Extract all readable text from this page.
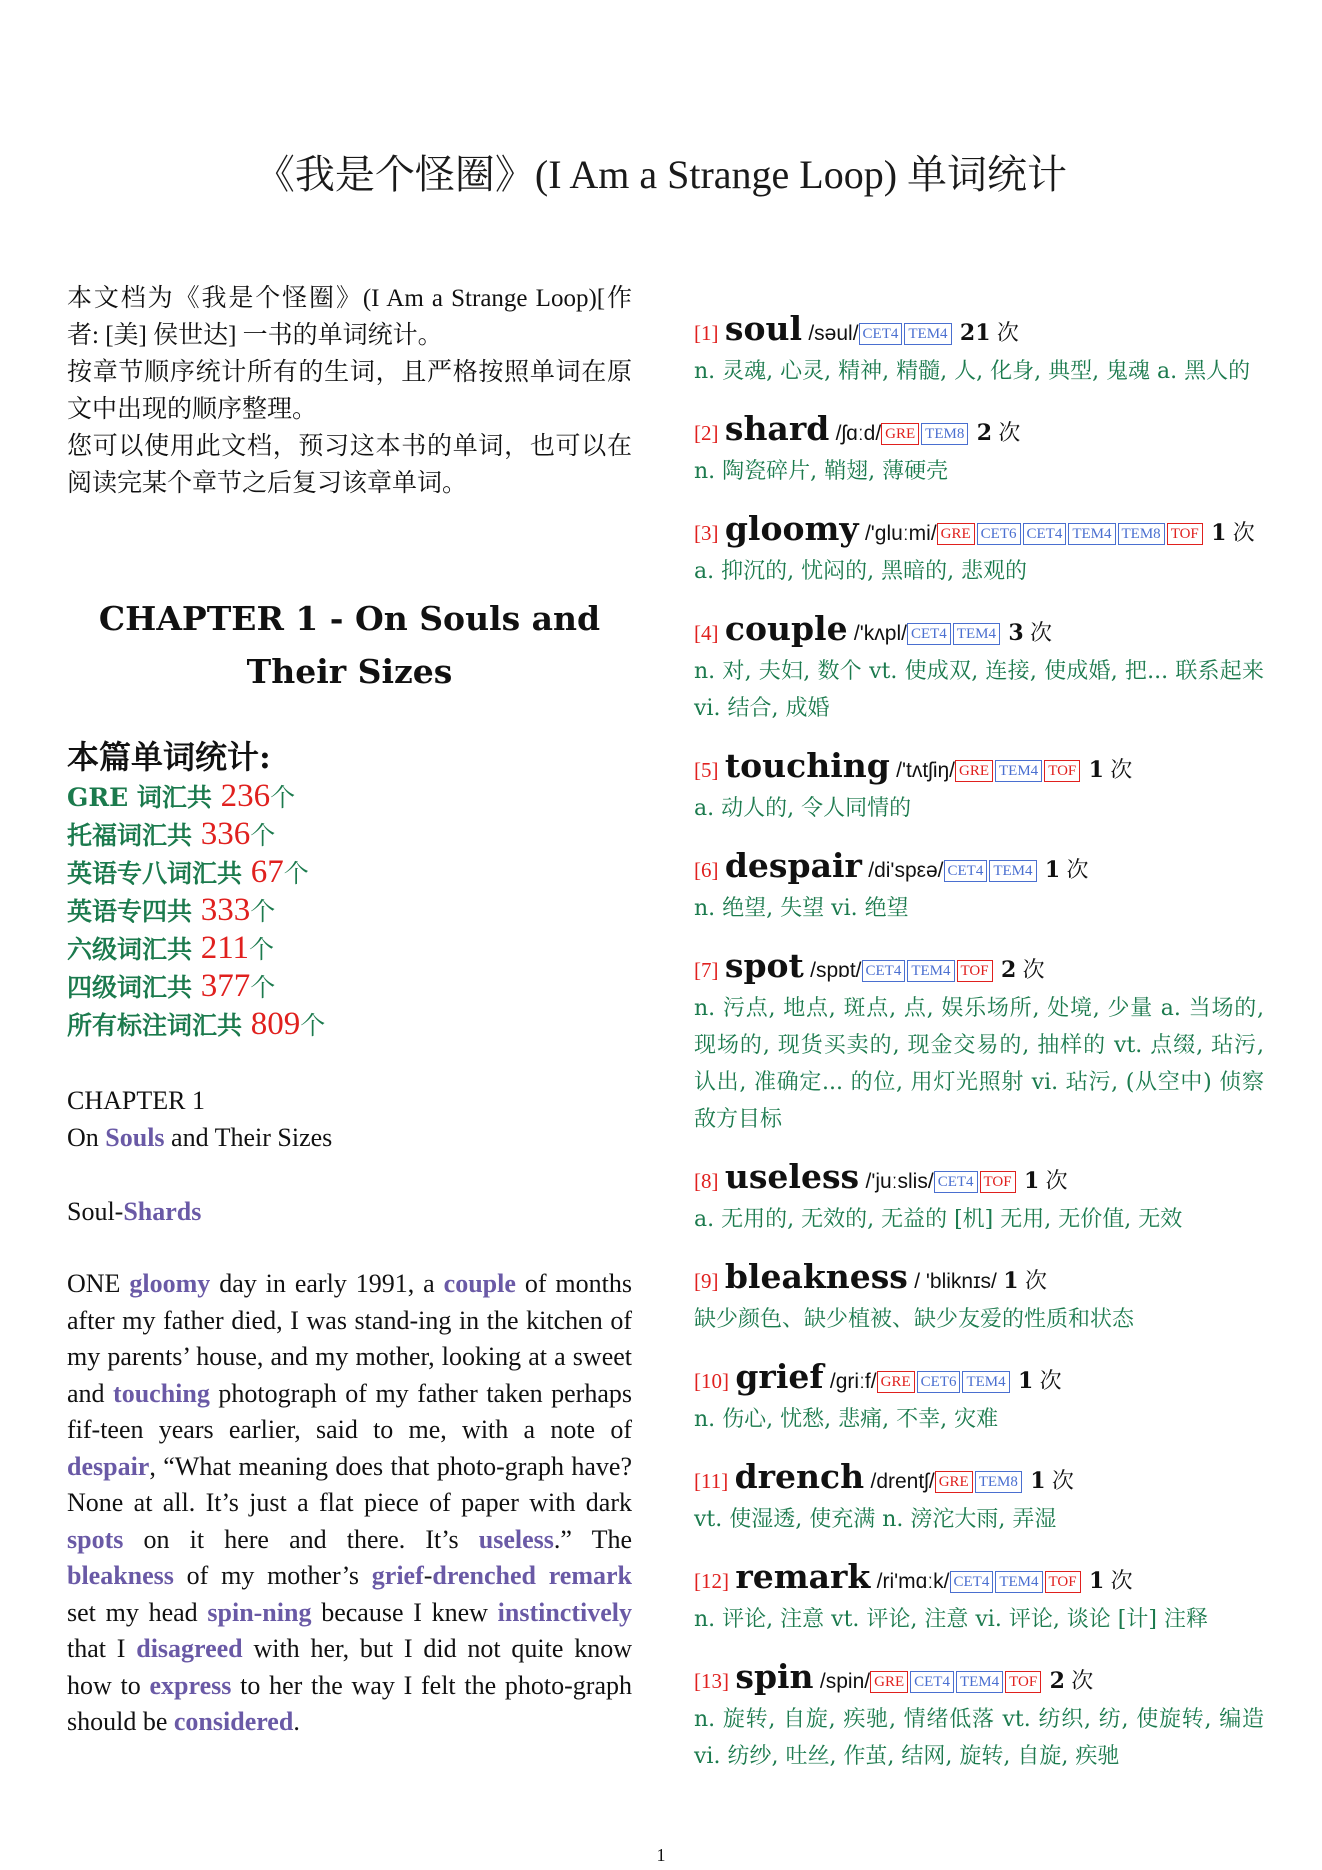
《我是个怪圈》(I Am a Strange Loop) 单词统计

本文档为《我是个怪圈》(I Am a Strange Loop)[作者: [美] 侯世达] 一书的单词统计。

按章节顺序统计所有的生词，且严格按照单词在原文中出现的顺序整理。

您可以使用此文档，预习这本书的单词，也可以在阅读完某个章节之后复习该章单词。

CHAPTER 1 - On Souls and Their Sizes
本篇单词统计:
GRE 词汇共 236个
托福词汇共 336个
英语专八词汇共 67个
英语专四共 333个
六级词汇共 211个
四级词汇共 377个
所有标注词汇共 809个
CHAPTER 1
On Souls and Their Sizes
Soul-Shards
ONE gloomy day in early 1991, a couple of months after my father died, I was stand-ing in the kitchen of my parents’ house, and my mother, looking at a sweet and touching photograph of my father taken perhaps fif-teen years earlier, said to me, with a note of despair, “What meaning does that photo-graph have? None at all. It’s just a flat piece of paper with dark spots on it here and there. It’s useless.” The bleakness of my mother’s grief-drenched remark set my head spin-ning because I knew instinctively that I disagreed with her, but I did not quite know how to express to her the way I felt the photo-graph should be considered.
[1] soul /səul/ CET4 TEM4 21 次
n. 灵魂, 心灵, 精神, 精髓, 人, 化身, 典型, 鬼魂 a. 黑人的
[2] shard /ʃɑːd/ GRE TEM8 2 次
n. 陶瓷碎片, 鞘翅, 薄硬壳
[3] gloomy /'gluːmi/ GRE CET6 CET4 TEM4 TEM8 TOF 1 次
a. 抑沉的, 忧闷的, 黑暗的, 悲观的
[4] couple /'kʌpl/ CET4 TEM4 3 次
n. 对, 夫妇, 数个 vt. 使成双, 连接, 使成婚, 把... 联系起来 vi. 结合, 成婚
[5] touching /'tʌtʃiŋ/ GRE TEM4 TOF 1 次
a. 动人的, 令人同情的
[6] despair /di'spεə/ CET4 TEM4 1 次
n. 绝望, 失望 vi. 绝望
[7] spot /spɒt/ CET4 TEM4 TOF 2 次
n. 污点, 地点, 斑点, 点, 娱乐场所, 处境, 少量 a. 当场的, 现场的, 现货买卖的, 现金交易的, 抽样的 vt. 点缀, 玷污, 认出, 准确定... 的位, 用灯光照射 vi. 玷污, (从空中) 侦察敌方目标
[8] useless /'juːslis/ CET4 TOF 1 次
a. 无用的, 无效的, 无益的 [机] 无用, 无价值, 无效
[9] bleakness / 'bliknɪs/ 1 次
缺少颜色、缺少植被、缺少友爱的性质和状态
[10] grief /griːf/ GRE CET6 TEM4 1 次
n. 伤心, 忧愁, 悲痛, 不幸, 灾难
[11] drench /drentʃ/ GRE TEM8 1 次
vt. 使湿透, 使充满 n. 滂沱大雨, 弄湿
[12] remark /ri'mɑːk/ CET4 TEM4 TOF 1 次
n. 评论, 注意 vt. 评论, 注意 vi. 评论, 谈论 [计] 注释
[13] spin /spin/ GRE CET4 TEM4 TOF 2 次
n. 旋转, 自旋, 疾驰, 情绪低落 vt. 纺织, 纺, 使旋转, 编造 vi. 纺纱, 吐丝, 作茧, 结网, 旋转, 自旋, 疾驰
1
